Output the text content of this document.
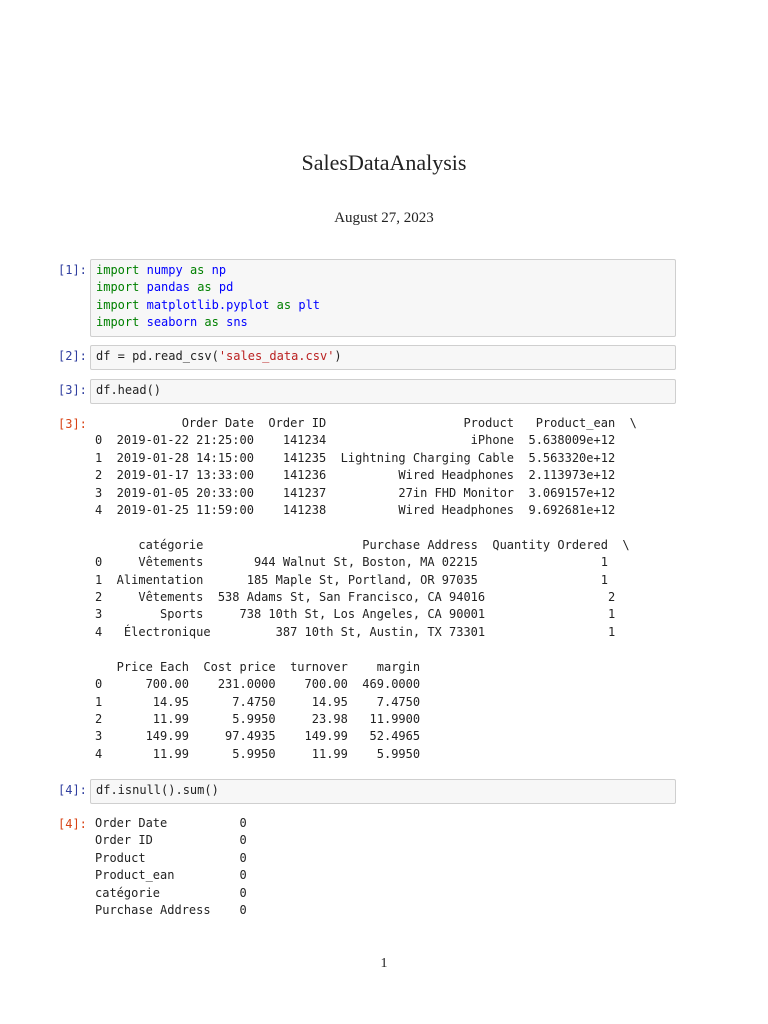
SalesDataAnalysis
August 27, 2023
[1]: import numpy as np
import pandas as pd
import matplotlib.pyplot as plt
import seaborn as sns
[2]: df = pd.read_csv('sales_data.csv')
[3]: df.head()
[3]:	Order Date  Order ID                   Product   Product_ean  \
0  2019-01-22 21:25:00    141234                    iPhone  5.638009e+12
1  2019-01-28 14:15:00    141235  Lightning Charging Cable  5.563320e+12
2  2019-01-17 13:33:00    141236          Wired Headphones  2.113973e+12
3  2019-01-05 20:33:00    141237          27in FHD Monitor  3.069157e+12
4  2019-01-25 11:59:00    141238          Wired Headphones  9.692681e+12

catégorie                      Purchase Address  Quantity Ordered  \
0     Vêtements       944 Walnut St, Boston, MA 02215                 1
1  Alimentation      185 Maple St, Portland, OR 97035                 1
2     Vêtements  538 Adams St, San Francisco, CA 94016                 2
3        Sports     738 10th St, Los Angeles, CA 90001                 1
4   Électronique         387 10th St, Austin, TX 73301                 1

Price Each  Cost price  turnover    margin
0      700.00    231.0000    700.00  469.0000
1       14.95      7.4750     14.95    7.4750
2       11.99      5.9950     23.98   11.9900
3      149.99     97.4935    149.99   52.4965
4       11.99      5.9950     11.99    5.9950
[4]: df.isnull().sum()
[4]: Order Date          0
Order ID            0
Product             0
Product_ean         0
catégorie           0
Purchase Address    0
1
